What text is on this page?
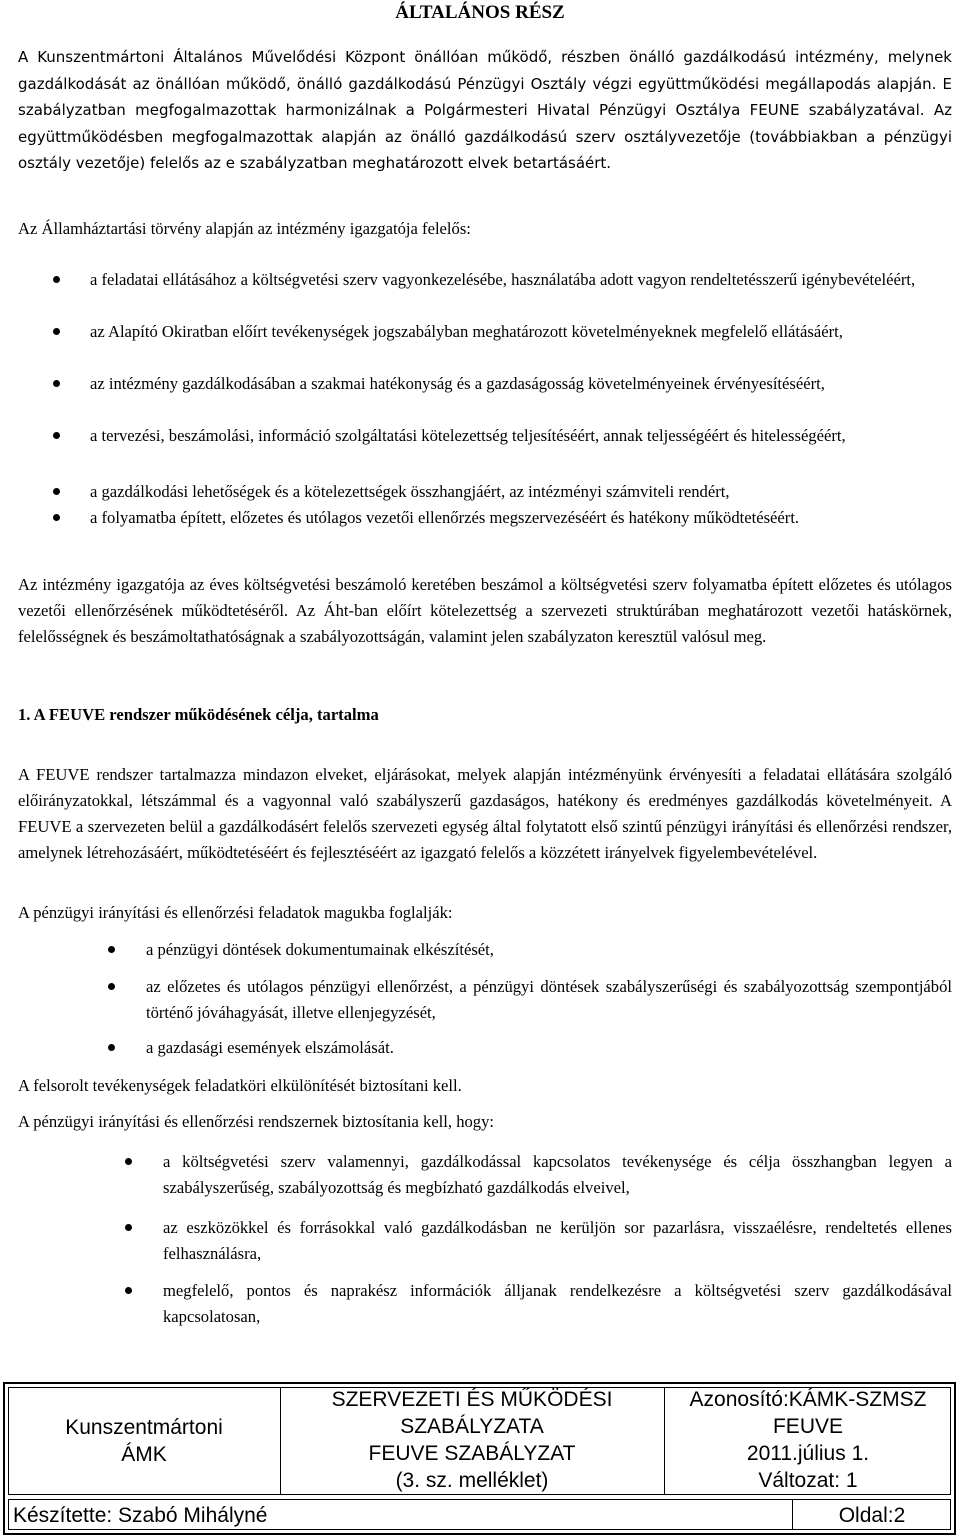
ÁLTALÁNOS RÉSZ

A Kunszentmártoni Általános Művelődési Központ önállóan működő, részben önálló gazdálkodású intézmény, melynek gazdálkodását az önállóan működő, önálló gazdálkodású Pénzügyi Osztály végzi együttműködési megállapodás alapján. E szabályzatban megfogalmazottak harmonizálnak a Polgármesteri Hivatal Pénzügyi Osztálya FEUNE szabályzatával. Az együttműködésben megfogalmazottak alapján az önálló gazdálkodású szerv osztályvezetője (továbbiakban a pénzügyi osztály vezetője) felelős az e szabályzatban meghatározott elvek betartásáért.

Az Államháztartási törvény alapján az intézmény igazgatója felelős:
a feladatai ellátásához a költségvetési szerv vagyonkezelésébe, használatába adott vagyon rendeltetésszerű igénybevételéért,
az Alapító Okiratban előírt tevékenységek jogszabályban meghatározott követelményeknek megfelelő ellátásáért,
az intézmény gazdálkodásában a szakmai hatékonyság és a gazdaságosság követelményeinek érvényesítéséért,
a tervezési, beszámolási, információ szolgáltatási kötelezettség teljesítéséért, annak teljességéért és hitelességéért,
a gazdálkodási lehetőségek és a kötelezettségek összhangjáért, az intézményi számviteli rendért,
a folyamatba épített, előzetes és utólagos vezetői ellenőrzés megszervezéséért és hatékony működtetéséért.

Az intézmény igazgatója az éves költségvetési beszámoló keretében beszámol a költségvetési szerv folyamatba épített előzetes és utólagos vezetői ellenőrzésének működtetéséről. Az Áht-ban előírt kötelezettség a szervezeti struktúrában meghatározott vezetői hatáskörnek, felelősségnek és beszámoltathatóságnak a szabályozottságán, valamint jelen szabályzaton keresztül valósul meg.

1. A FEUVE rendszer működésének célja, tartalma

A FEUVE rendszer tartalmazza mindazon elveket, eljárásokat, melyek alapján intézményünk érvényesíti a feladatai ellátására szolgáló előirányzatokkal, létszámmal és a vagyonnal való szabályszerű gazdaságos, hatékony és eredményes gazdálkodás követelményeit. A FEUVE a szervezeten belül a gazdálkodásért felelős szervezeti egység által folytatott első szintű pénzügyi irányítási és ellenőrzési rendszer, amelynek létrehozásáért, működtetéséért és fejlesztéséért az igazgató felelős a közzétett irányelvek figyelembevételével.

A pénzügyi irányítási és ellenőrzési feladatok magukba foglalják:
a pénzügyi döntések dokumentumainak elkészítését,
az előzetes és utólagos pénzügyi ellenőrzést, a pénzügyi döntések szabályszerűségi és szabályozottság szempontjából történő jóváhagyását, illetve ellenjegyzését,
a gazdasági események elszámolását.
A felsorolt tevékenységek feladatköri elkülönítését biztosítani kell.
A pénzügyi irányítási és ellenőrzési rendszernek biztosítania kell, hogy:
a költségvetési szerv valamennyi, gazdálkodással kapcsolatos tevékenysége és célja összhangban legyen a szabályszerűség, szabályozottság és megbízható gazdálkodás elveivel,
az eszközökkel és forrásokkal való gazdálkodásban ne kerüljön sor pazarlásra, visszaélésre, rendeltetés ellenes felhasználásra,
megfelelő, pontos és naprakész információk álljanak rendelkezésre a költségvetési szerv gazdálkodásával kapcsolatosan,
Kunszentmártoni
ÁMK
SZERVEZETI ÉS MŰKÖDÉSI
SZABÁLYZATA
FEUVE SZABÁLYZAT
(3. sz. melléklet)
Azonosító:KÁMK-SZMSZ
FEUVE
2011.július 1.
Változat: 1
Készítette: Szabó Mihályné	Oldal:2
